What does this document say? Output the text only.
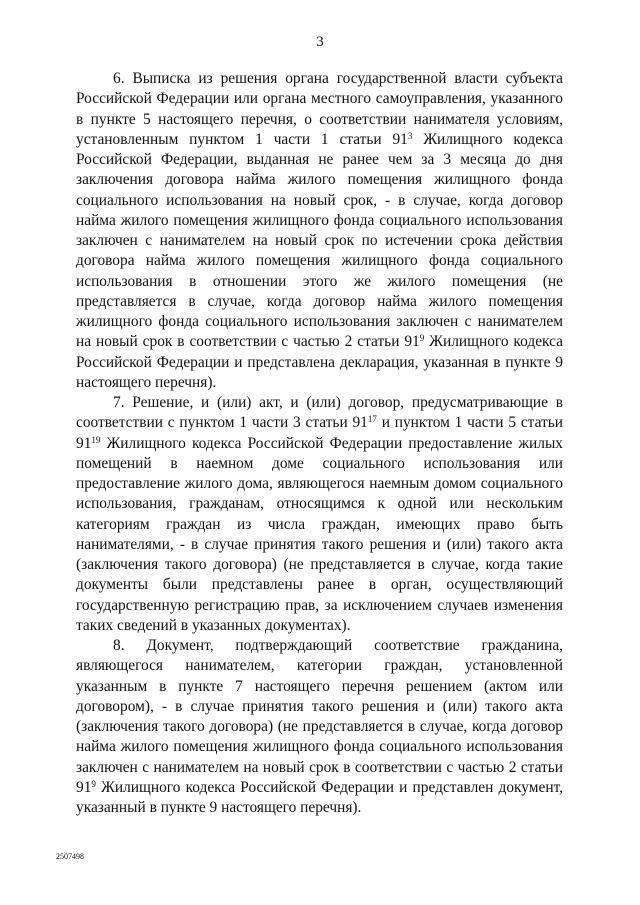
3

6. Выписка из решения органа государственной власти субъекта Российской Федерации или органа местного самоуправления, указанного в пункте 5 настоящего перечня, о соответствии нанимателя условиям, установленным пунктом 1 части 1 статьи $91^3$ Жилищного кодекса Российской Федерации, выданная не ранее чем за 3 месяца до дня заключения договора найма жилого помещения жилищного фонда социального использования на новый срок, - в случае, когда договор найма жилого помещения жилищного фонда социального использования заключен с нанимателем на новый срок по истечении срока действия договора найма жилого помещения жилищного фонда социального использования в отношении этого же жилого помещения (не представляется в случае, когда договор найма жилого помещения жилищного фонда социального использования заключен с нанимателем на новый срок в соответствии с частью 2 статьи $91^9$ Жилищного кодекса Российской Федерации и представлена декларация, указанная в пункте 9 настоящего перечня).

7. Решение, и (или) акт, и (или) договор, предусматривающие в соответствии с пунктом 1 части 3 статьи $91^{17}$ и пунктом 1 части 5 статьи $91^{19}$ Жилищного кодекса Российской Федерации предоставление жилых помещений в наемном доме социального использования или предоставление жилого дома, являющегося наемным домом социального использования, гражданам, относящимся к одной или нескольким категориям граждан из числа граждан, имеющих право быть нанимателями, - в случае принятия такого решения и (или) такого акта (заключения такого договора) (не представляется в случае, когда такие документы были представлены ранее в орган, осуществляющий государственную регистрацию прав, за исключением случаев изменения таких сведений в указанных документах).

8. Документ, подтверждающий соответствие гражданина, являющегося нанимателем, категории граждан, установленной указанным в пункте 7 настоящего перечня решением (актом или договором), - в случае принятия такого решения и (или) такого акта (заключения такого договора) (не представляется в случае, когда договор найма жилого помещения жилищного фонда социального использования заключен с нанимателем на новый срок в соответствии с частью 2 статьи $91^9$ Жилищного кодекса Российской Федерации и представлен документ, указанный в пункте 9 настоящего перечня).

2507498
